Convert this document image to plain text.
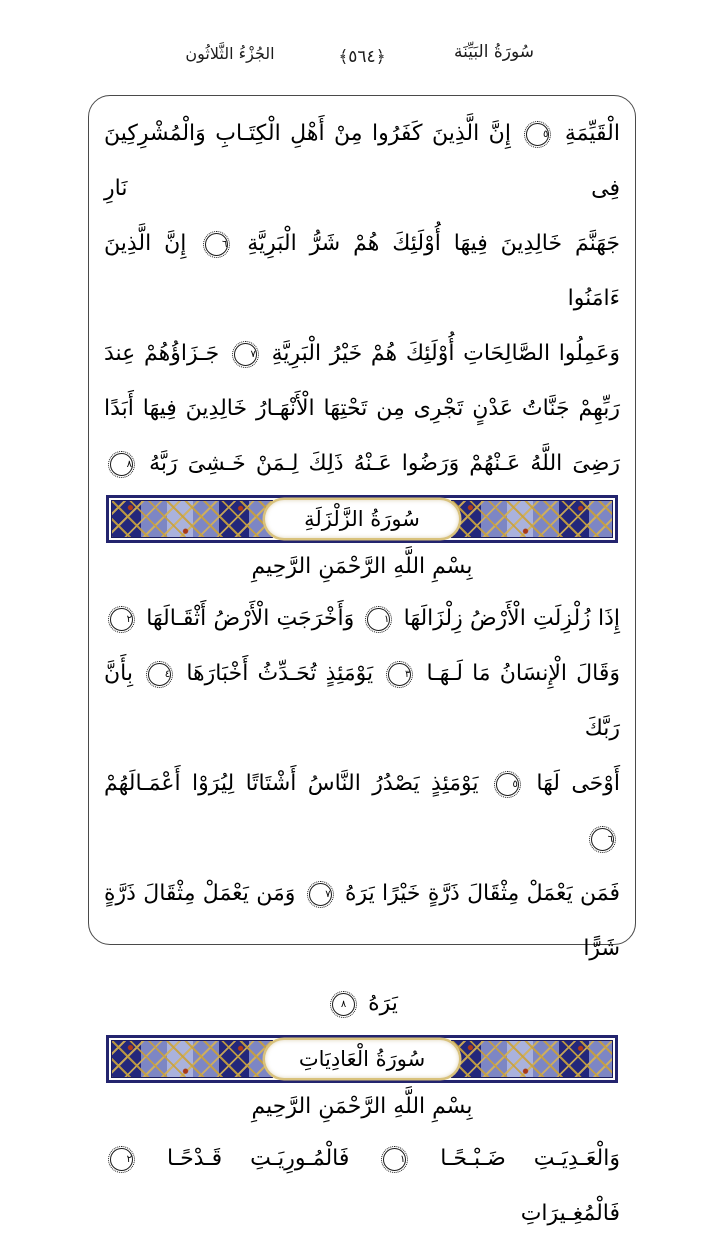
سُورَةُ البَيِّنَة
﴿٥٦٤﴾
الجُزْءُ الثَّلاثُون
الْقَيِّمَةِ ٥ إِنَّ الَّذِينَ كَفَرُوا مِنْ أَهْلِ الْكِتَـابِ وَالْمُشْرِكِينَ فِى نَارِ
جَهَنَّمَ خَالِدِينَ فِيهَا أُوْلَئِكَ هُمْ شَرُّ الْبَرِيَّةِ ٦ إِنَّ الَّذِينَ ءَامَنُوا
وَعَمِلُوا الصَّالِحَاتِ أُوْلَئِكَ هُمْ خَيْرُ الْبَرِيَّةِ ٧ جَـزَاؤُهُمْ عِندَ
رَبِّهِمْ جَنَّاتُ عَدْنٍ تَجْرِى مِن تَحْتِهَا الْأَنْهَـارُ خَالِدِينَ فِيهَا أَبَدًا
رَضِىَ اللَّهُ عَـنْهُمْ وَرَضُوا عَـنْهُ ذَلِكَ لِـمَنْ خَـشِىَ رَبَّهُ ٨
سُورَةُ الزَّلْزَلَةِ
بِسْمِ اللَّهِ الرَّحْمَنِ الرَّحِيمِ
إِذَا زُلْزِلَتِ الْأَرْضُ زِلْزَالَهَا ١ وَأَخْرَجَتِ الْأَرْضُ أَثْقَـالَهَا ٢
وَقَالَ الْإِنسَانُ مَا لَـهَـا ٣ يَوْمَئِذٍ تُحَـدِّثُ أَخْبَارَهَا ٤ بِأَنَّ رَبَّكَ
أَوْحَى لَهَا ٥ يَوْمَئِذٍ يَصْدُرُ النَّاسُ أَشْتَاتًا لِيُرَوْا أَعْمَـالَهُمْ ٦
فَمَن يَعْمَلْ مِثْقَالَ ذَرَّةٍ خَيْرًا يَرَهُ ٧ وَمَن يَعْمَلْ مِثْقَالَ ذَرَّةٍ شَرًّا
يَرَهُ ٨
سُورَةُ الْعَادِيَاتِ
بِسْمِ اللَّهِ الرَّحْمَنِ الرَّحِيمِ
وَالْعَـدِيَـتِ ضَـبْـحًـا ١ فَالْمُـورِيَـتِ قَـدْحًـا ٢ فَالْمُغِـيرَاتِ
